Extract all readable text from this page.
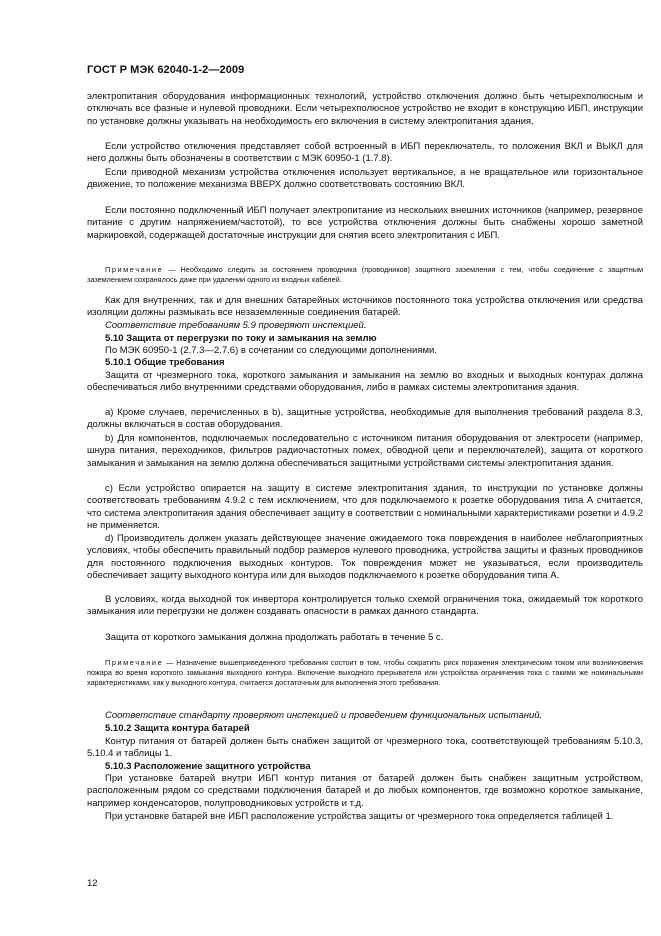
ГОСТ Р МЭК 62040-1-2—2009

электропитания оборудования информационных технологий, устройство отключения должно быть четырехполюсным и отключать все фазные и нулевой проводники. Если четырехполюсное устройство не входит в конструкцию ИБП, инструкции по установке должны указывать на необходимость его включения в систему электропитания здания.

Если устройство отключения представляет собой встроенный в ИБП переключатель, то положения ВКЛ и ВЫКЛ для него должны быть обозначены в соответствии с МЭК 60950-1 (1.7.8).

Если приводной механизм устройства отключения использует вертикальное, а не вращательное или горизонтальное движение, то положение механизма ВВЕРХ должно соответствовать состоянию ВКЛ.

Если постоянно подключенный ИБП получает электропитание из нескольких внешних источников (например, резервное питание с другим напряжением/частотой), то все устройства отключения должны быть снабжены хорошо заметной маркировкой, содержащей достаточные инструкции для снятия всего электропитания с ИБП.

Примечание — Необходимо следить за состоянием проводника (проводников) защитного заземления с тем, чтобы соединение с защитным заземлением сохранялось даже при удалении одного из входных кабелей.

Как для внутренних, так и для внешних батарейных источников постоянного тока устройства отключения или средства изоляции должны размыкать все незаземленные соединения батарей.

Соответствие требованиям 5.9 проверяют инспекцией.

5.10 Защита от перегрузки по току и замыкания на землю

По МЭК 60950-1 (2.7.3—2.7.6) в сочетании со следующими дополнениями.

5.10.1 Общие требования

Защита от чрезмерного тока, короткого замыкания и замыкания на землю во входных и выходных контурах должна обеспечиваться либо внутренними средствами оборудования, либо в рамках системы электропитания здания.

а) Кроме случаев, перечисленных в b), защитные устройства, необходимые для выполнения требований раздела 8.3, должны включаться в состав оборудования.

b) Для компонентов, подключаемых последовательно с источником питания оборудования от электросети (например, шнура питания, переходников, фильтров радиочастотных помех, обводной цепи и переключателей), защита от короткого замыкания и замыкания на землю должна обеспечиваться защитными устройствами системы электропитания здания.

с) Если устройство опирается на защиту в системе электропитания здания, то инструкции по установке должны соответствовать требованиям 4.9.2 с тем исключением, что для подключаемого к розетке оборудования типа А считается, что система электропитания здания обеспечивает защиту в соответствии с номинальными характеристиками розетки и 4.9.2 не применяется.

d) Производитель должен указать действующее значение ожидаемого тока повреждения в наиболее неблагоприятных условиях, чтобы обеспечить правильный подбор размеров нулевого проводника, устройства защиты и фазных проводников для постоянного подключения выходных контуров. Ток повреждения может не указываться, если производитель обеспечивает защиту выходного контура или для выходов подключаемого к розетке оборудования типа А.

В условиях, когда выходной ток инвертора контролируется только схемой ограничения тока, ожидаемый ток короткого замыкания или перегрузки не должен создавать опасности в рамках данного стандарта.

Защита от короткого замыкания должна продолжать работать в течение 5 с.

Примечание — Назначение вышеприведенного требования состоит в том, чтобы сократить риск поражения электрическим током или возникновения пожара во время короткого замыкания выходного контура. Включение выходного прерывателя или устройства ограничения тока с такими же номинальными характеристиками, как у выходного контура, считается достаточным для выполнения этого требования.

Соответствие стандарту проверяют инспекцией и проведением функциональных испытаний.

5.10.2 Защита контура батарей

Контур питания от батарей должен быть снабжен защитой от чрезмерного тока, соответствующей требованиям 5.10.3, 5.10.4 и таблицы 1.

5.10.3 Расположение защитного устройства

При установке батарей внутри ИБП контур питания от батарей должен быть снабжен защитным устройством, расположенным рядом со средствами подключения батарей и до любых компонентов, где возможно короткое замыкание, например конденсаторов, полупроводниковых устройств и т.д.

При установке батарей вне ИБП расположение устройства защиты от чрезмерного тока определяется таблицей 1.

12
